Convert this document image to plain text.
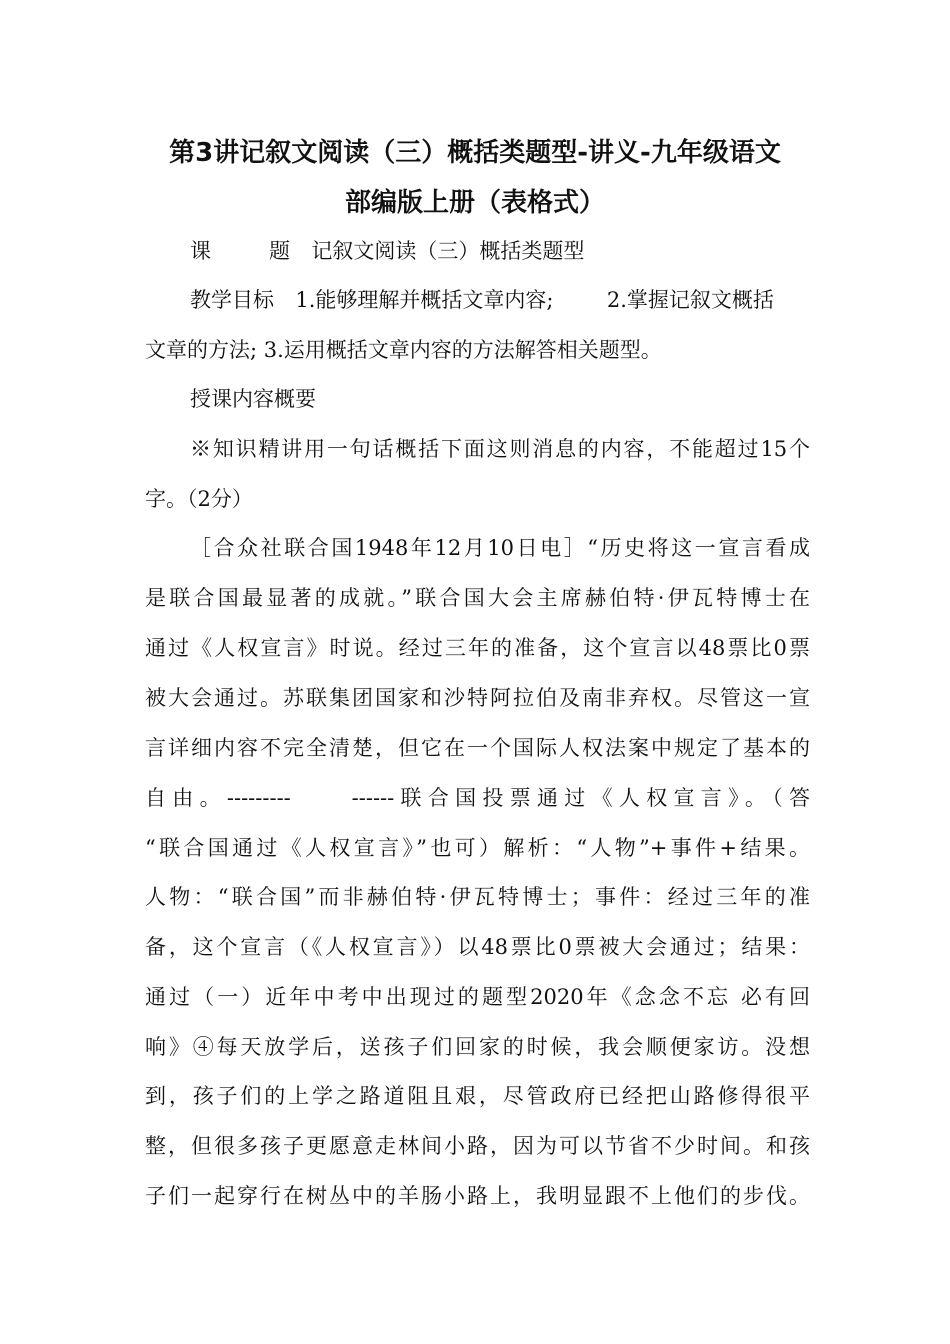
第3讲记叙文阅读（三）概括类题型-讲义-九年级语文
部编版上册（表格式）
课　题 记叙文阅读（三）概括类题型
教学目标 1.能够理解并概括文章内容;	2.掌握记叙文概括
文章的方法; 3.运用概括文章内容的方法解答相关题型。
授课内容概要
※知识精讲用一句话概括下面这则消息的内容，不能超过15个
字。（2分）
［合众社联合国1948年12月10日电］“历史将这一宣言看成
是联合国最显著的成就。”联合国大会主席赫伯特·伊瓦特博士在
通过《人权宣言》时说。经过三年的准备，这个宣言以48票比0票
被大会通过。苏联集团国家和沙特阿拉伯及南非弃权。尽管这一宣
言详细内容不完全清楚，但它在一个国际人权法案中规定了基本的
自由。---------　　------联合国投票通过《人权宣言》。（答
“联合国通过《人权宣言》”也可）解析：“人物”+事件+结果。
人物：“联合国”而非赫伯特·伊瓦特博士；事件：经过三年的准
备，这个宣言（《人权宣言》）以48票比0票被大会通过；结果：
通过（一）近年中考中出现过的题型2020年《念念不忘 必有回
响》④每天放学后，送孩子们回家的时候，我会顺便家访。没想
到，孩子们的上学之路道阻且艰，尽管政府已经把山路修得很平
整，但很多孩子更愿意走林间小路，因为可以节省不少时间。和孩
子们一起穿行在树丛中的羊肠小路上，我明显跟不上他们的步伐。
